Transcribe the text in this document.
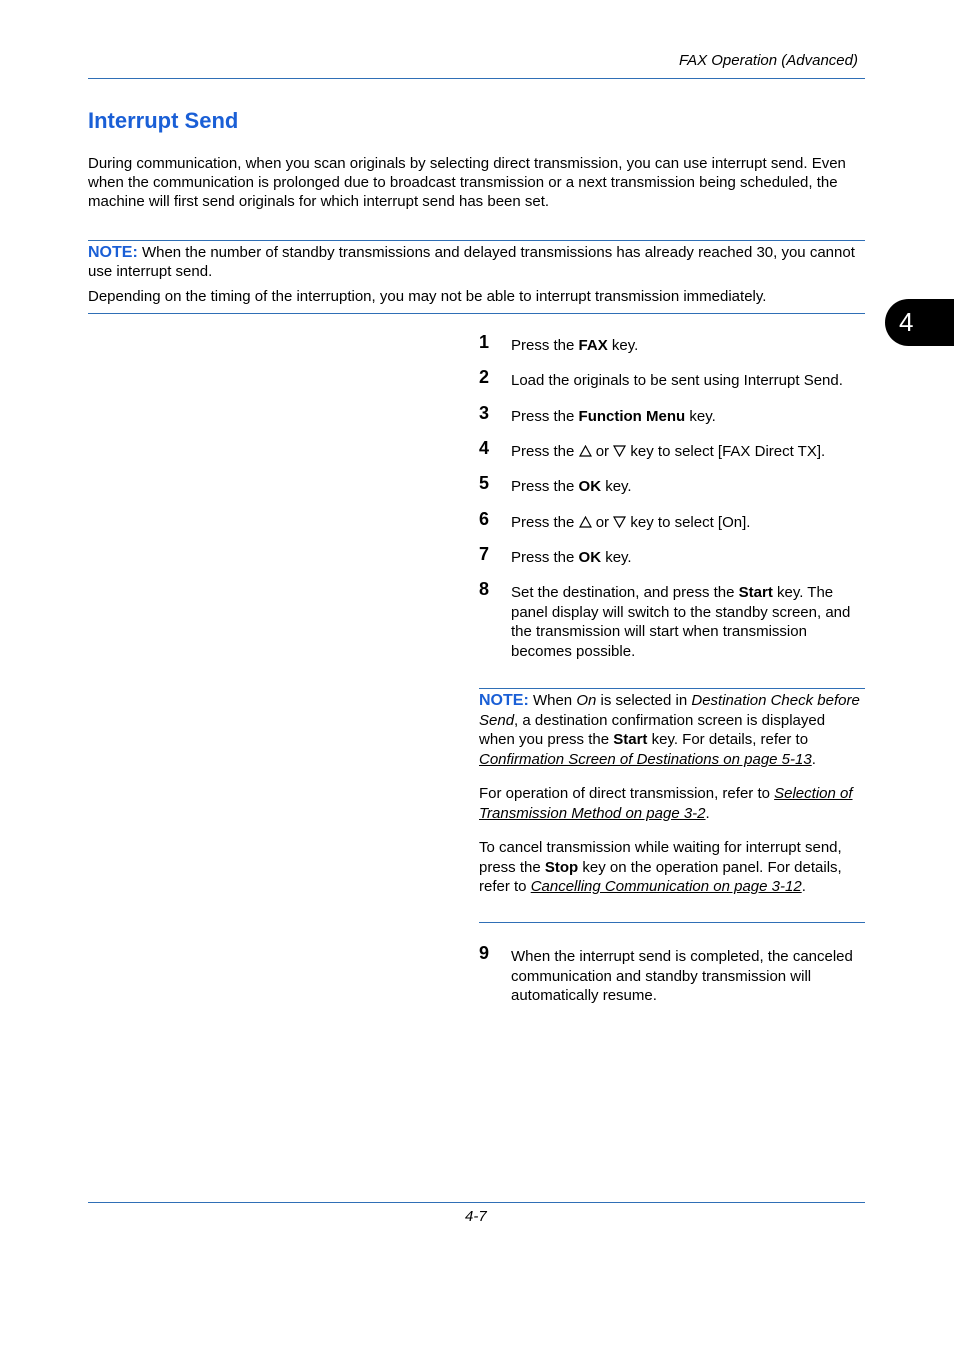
FAX Operation (Advanced)
4
Interrupt Send
During communication, when you scan originals by selecting direct transmission, you can use interrupt send. Even when the communication is prolonged due to broadcast transmission or a next transmission being scheduled, the machine will first send originals for which interrupt send has been set.

NOTE: When the number of standby transmissions and delayed transmissions has already reached 30, you cannot use interrupt send.

Depending on the timing of the interruption, you may not be able to interrupt transmission immediately.

1 Press the FAX key.
2 Load the originals to be sent using Interrupt Send.
3 Press the Function Menu key.
4 Press the  or  key to select [FAX Direct TX].
5 Press the OK key.
6 Press the  or  key to select [On].
7 Press the OK key.
8 Set the destination, and press the Start key. The panel display will switch to the standby screen, and the transmission will start when transmission becomes possible.

NOTE: When On is selected in Destination Check before Send, a destination confirmation screen is displayed when you press the Start key. For details, refer to Confirmation Screen of Destinations on page 5-13.

For operation of direct transmission, refer to Selection of Transmission Method on page 3-2.

To cancel transmission while waiting for interrupt send, press the Stop key on the operation panel. For details, refer to Cancelling Communication on page 3-12.

9 When the interrupt send is completed, the canceled communication and standby transmission will automatically resume.
4-7
